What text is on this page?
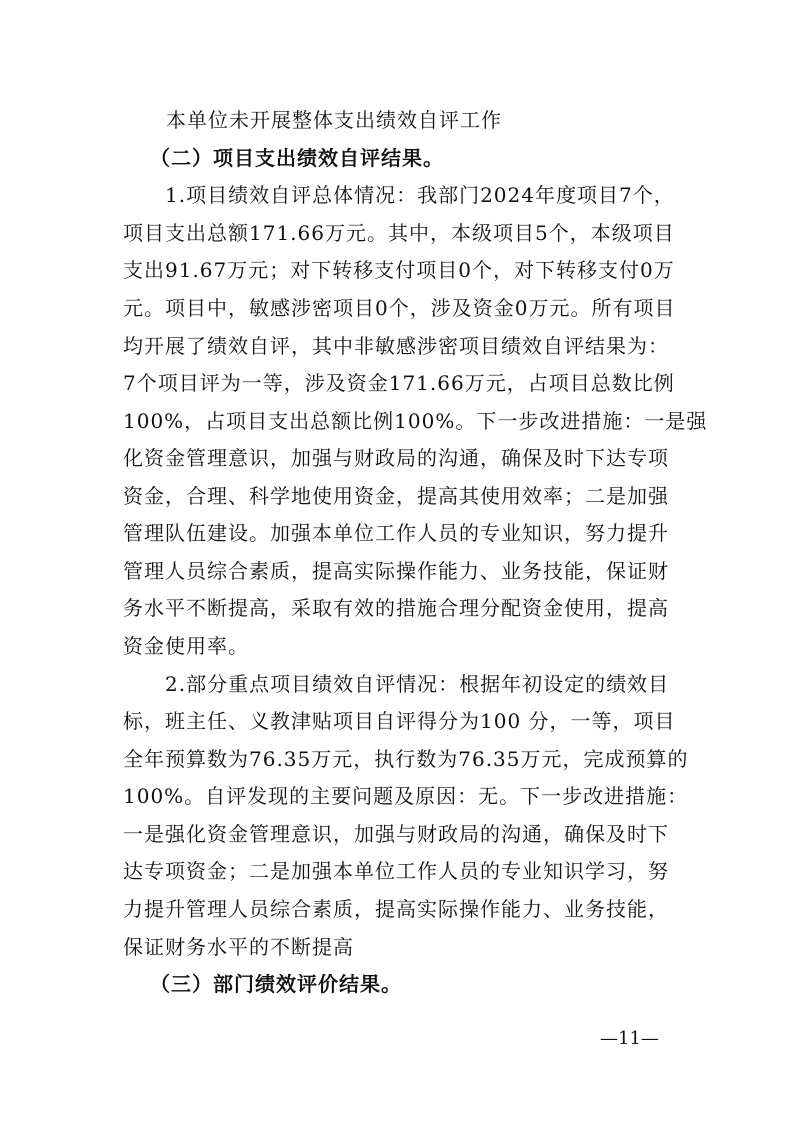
本单位未开展整体支出绩效自评工作
（二）项目支出绩效自评结果。
1.项目绩效自评总体情况：我部门2024年度项目7个，
项目支出总额171.66万元。其中，本级项目5个，本级项目
支出91.67万元；对下转移支付项目0个，对下转移支付0万
元。项目中，敏感涉密项目0个，涉及资金0万元。所有项目
均开展了绩效自评，其中非敏感涉密项目绩效自评结果为：
7个项目评为一等，涉及资金171.66万元，占项目总数比例
100%，占项目支出总额比例100%。下一步改进措施：一是强
化资金管理意识，加强与财政局的沟通，确保及时下达专项
资金，合理、科学地使用资金，提高其使用效率；二是加强
管理队伍建设。加强本单位工作人员的专业知识，努力提升
管理人员综合素质，提高实际操作能力、业务技能，保证财
务水平不断提高，采取有效的措施合理分配资金使用，提高
资金使用率。
2.部分重点项目绩效自评情况：根据年初设定的绩效目
标，班主任、义教津贴项目自评得分为100 分，一等，项目
全年预算数为76.35万元，执行数为76.35万元，完成预算的
100%。自评发现的主要问题及原因：无。下一步改进措施：
一是强化资金管理意识，加强与财政局的沟通，确保及时下
达专项资金；二是加强本单位工作人员的专业知识学习，努
力提升管理人员综合素质，提高实际操作能力、业务技能，
保证财务水平的不断提高
（三）部门绩效评价结果。
—11—
